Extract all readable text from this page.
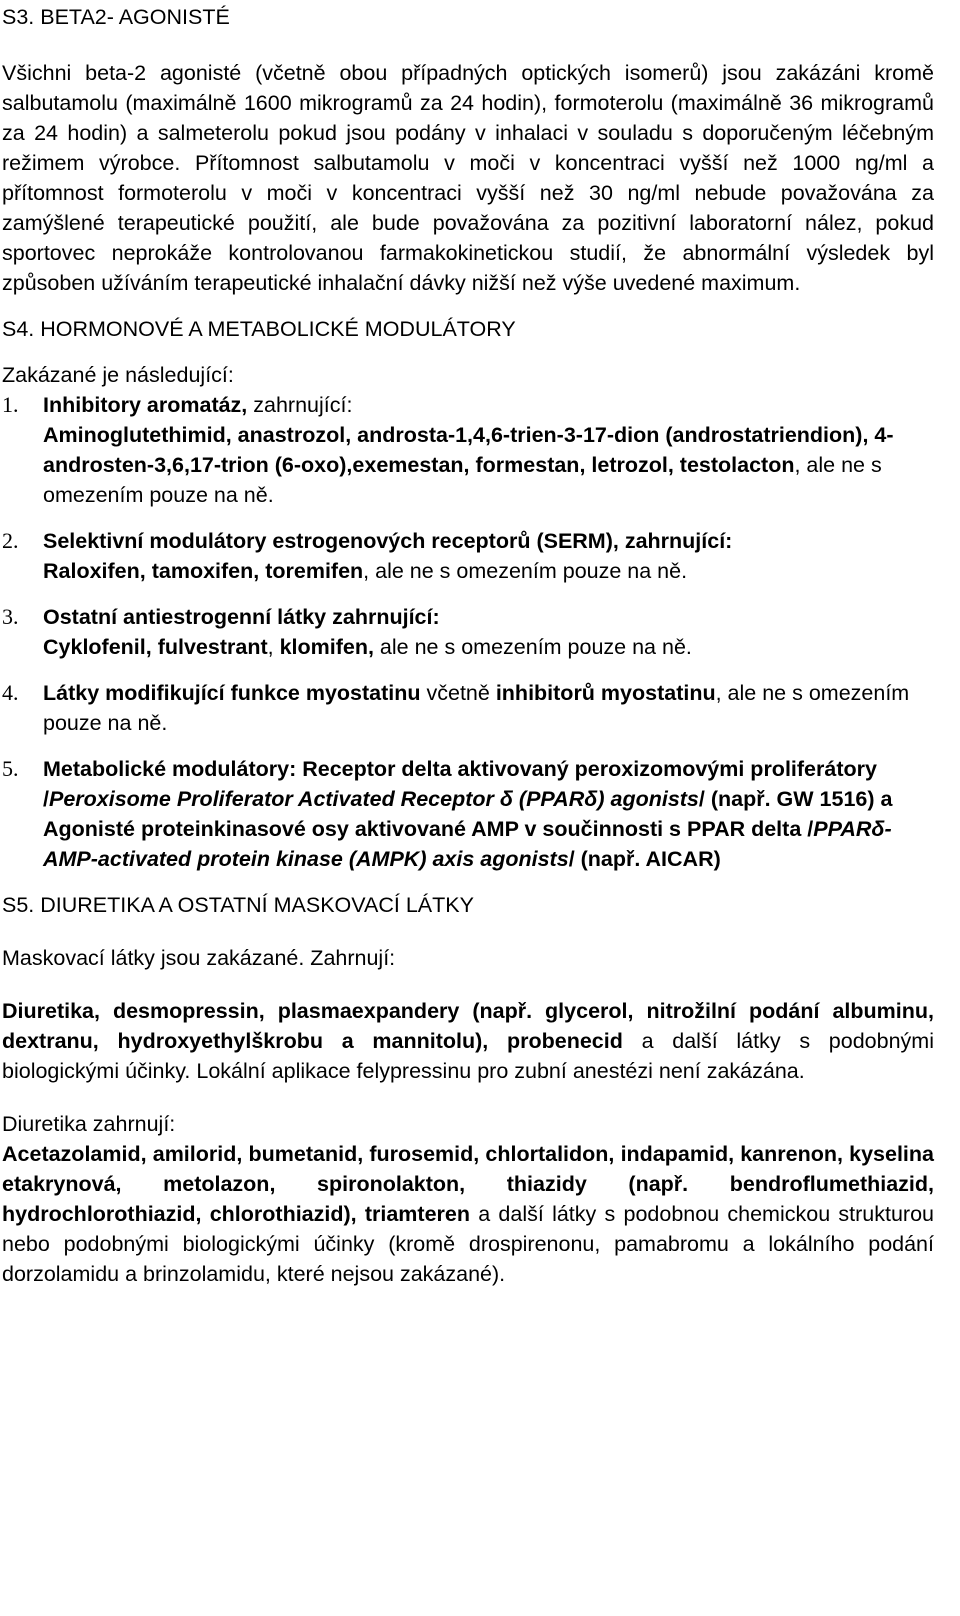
S3. BETA2- AGONISTÉ

Všichni beta-2 agonisté (včetně obou případných optických isomerů) jsou zakázáni kromě salbutamolu (maximálně 1600 mikrogramů za 24 hodin), formoterolu (maximálně 36 mikrogramů za 24 hodin) a salmeterolu pokud jsou podány v inhalaci v souladu s doporučeným léčebným režimem výrobce. Přítomnost salbutamolu v moči v koncentraci vyšší než 1000 ng/ml a přítomnost formoterolu v moči v koncentraci vyšší než 30 ng/ml nebude považována za zamýšlené terapeutické použití, ale bude považována za pozitivní laboratorní nález, pokud sportovec neprokáže kontrolovanou farmakokinetickou studií, že abnormální výsledek byl způsoben užíváním terapeutické inhalační dávky nižší než výše uvedené maximum.

S4. HORMONOVÉ A METABOLICKÉ MODULÁTORY

Zakázané je následující:

1.	Inhibitory aromatáz, zahrnující:
Aminoglutethimid, anastrozol, androsta-1,4,6-trien-3-17-dion (androstatriendion), 4-androsten-3,6,17-trion (6-oxo),exemestan, formestan, letrozol, testolacton, ale ne s omezením pouze na ně.
2.	Selektivní modulátory estrogenových receptorů (SERM), zahrnující:
Raloxifen, tamoxifen, toremifen, ale ne s omezením pouze na ně.
3.	Ostatní antiestrogenní látky zahrnující:
Cyklofenil, fulvestrant, klomifen, ale ne s omezením pouze na ně.
4.	Látky modifikující funkce myostatinu včetně inhibitorů myostatinu, ale ne s omezením pouze na ně.
5.	Metabolické modulátory: Receptor delta aktivovaný peroxizomovými proliferátory /Peroxisome Proliferator Activated Receptor δ (PPARδ) agonists/ (např. GW 1516) a Agonisté proteinkinasové osy aktivované AMP v součinnosti s PPAR delta /PPARδ-AMP-activated protein kinase (AMPK) axis agonists/ (např. AICAR)

S5. DIURETIKA A OSTATNÍ MASKOVACÍ LÁTKY

Maskovací látky jsou zakázané. Zahrnují:

Diuretika, desmopressin, plasmaexpandery (např. glycerol, nitrožilní podání albuminu, dextranu, hydroxyethylškrobu a mannitolu), probenecid a další látky s podobnými biologickými účinky. Lokální aplikace felypressinu pro zubní anestézi není zakázána.

Diuretika zahrnují:

Acetazolamid, amilorid, bumetanid, furosemid, chlortalidon, indapamid, kanrenon, kyselina etakrynová, metolazon, spironolakton, thiazidy (např. bendroflumethiazid, hydrochlorothiazid, chlorothiazid), triamteren a další látky s podobnou chemickou strukturou nebo podobnými biologickými účinky (kromě drospirenonu, pamabromu a lokálního podání dorzolamidu a brinzolamidu, které nejsou zakázané).
